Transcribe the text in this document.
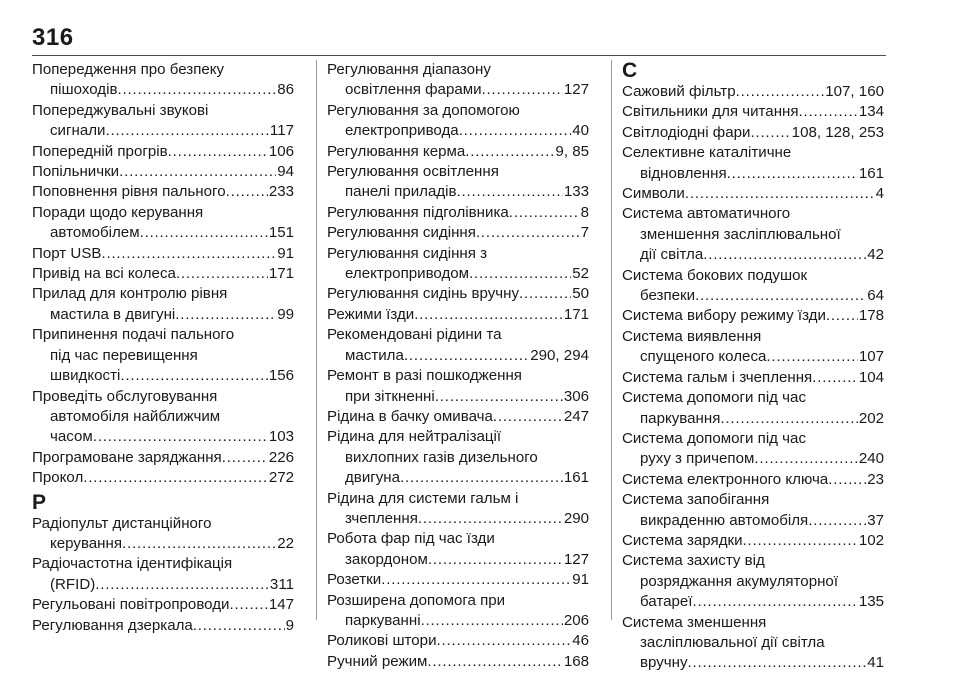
316
Попередження про безпеку
пішоходів .....	86
Попереджувальні звукові
сигнали .....	117
Попередній прогрів .....	106
Попільнички .....	94
Поповнення рівня пального .....	233
Поради щодо керування
автомобілем .....	151
Порт USB .....	91
Привід на всі колеса .....	171
Прилад для контролю рівня
мастила в двигуні .....	99
Припинення подачі пального
під час перевищення
швидкості .....	156
Проведіть обслуговування
автомобіля найближчим
часом .....	103
Програмоване заряджання .....	226
Прокол .....	272
Р
Радіопульт дистанційного
керування .....	22
Радіочастотна ідентифікація
(RFID) .....	311
Регульовані повітропроводи .....	147
Регулювання дзеркала .....	9
Регулювання діапазону
освітлення фарами .....	127
Регулювання за допомогою
електропривода .....	40
Регулювання керма .....	9, 85
Регулювання освітлення
панелі приладів .....	133
Регулювання підголівника .....	8
Регулювання сидіння .....	7
Регулювання сидіння з
електроприводом .....	52
Регулювання сидінь вручну .....	50
Режими їзди .....	171
Рекомендовані рідини та
мастила .....	290, 294
Ремонт в разі пошкодження
при зіткненні .....	306
Рідина в бачку омивача .....	247
Рідина для нейтралізації
вихлопних газів дизельного
двигуна .....	161
Рідина для системи гальм і
зчеплення .....	290
Робота фар під час їзди
закордоном .....	127
Розетки .....	91
Розширена допомога при
паркуванні .....	206
Роликові штори .....	46
Ручний режим .....	168
С
Сажовий фільтр .....	107, 160
Світильники для читання .....	134
Світлодіодні фари .....	108, 128, 253
Селективне каталітичне
відновлення .....	161
Символи .....	4
Система автоматичного
зменшення засліплювальної
дії світла .....	42
Система бокових подушок
безпеки .....	64
Система вибору режиму їзди ..... 178
Система виявлення
спущеного колеса .....	107
Система гальм і зчеплення .....	104
Система допомоги під час
паркування .....	202
Система допомоги під час
руху з причепом .....	240
Система електронного ключа .....	23
Система запобігання
викраденню автомобіля .....	37
Система зарядки .....	102
Система захисту від
розряджання акумуляторної
батареї .....	135
Система зменшення
засліплювальної дії світла
вручну .....	41
